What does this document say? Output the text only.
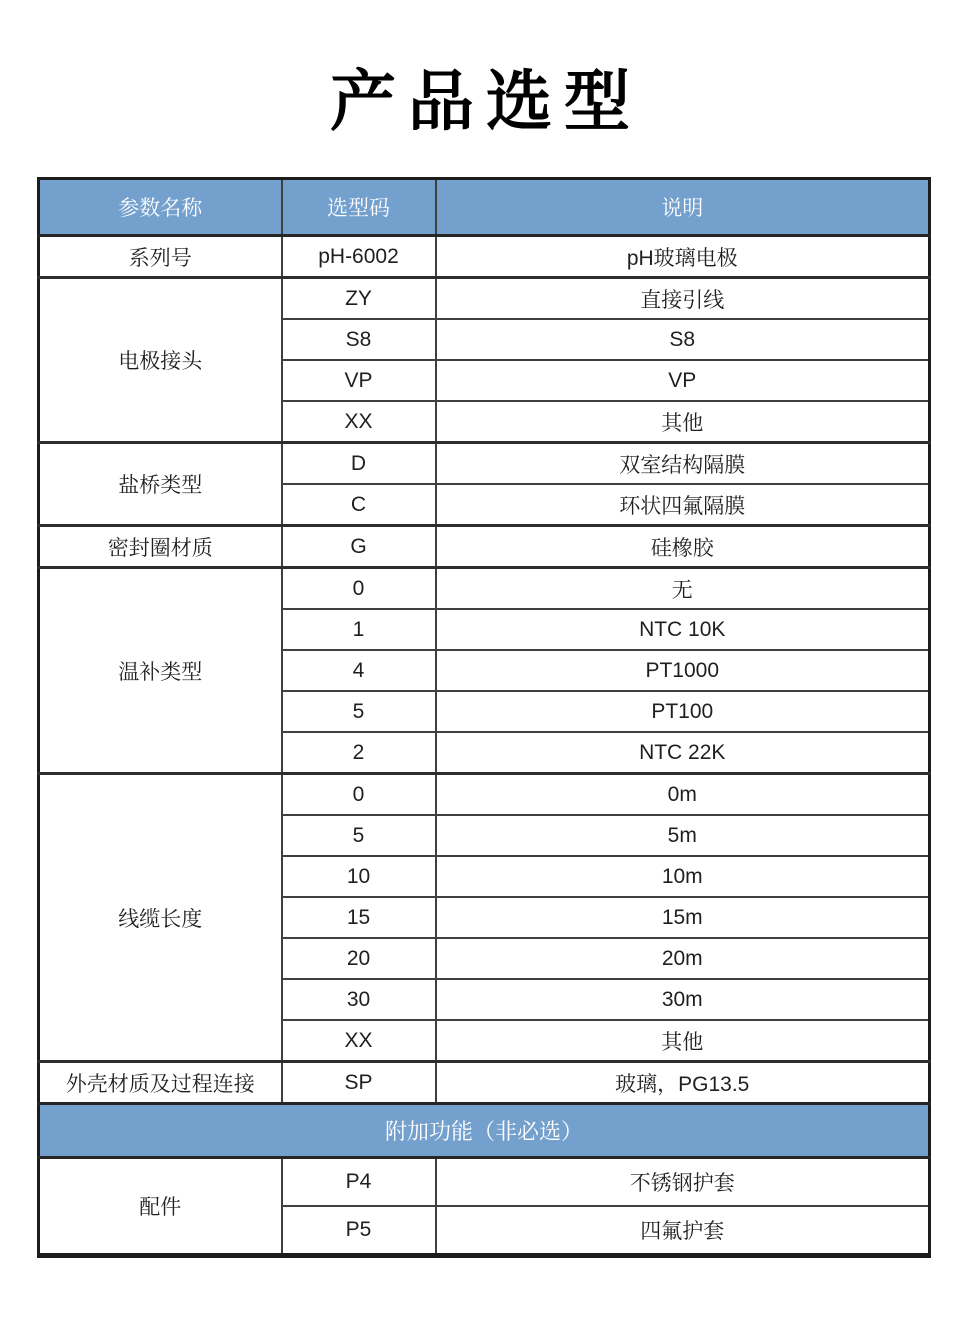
产品选型
参数名称	选型码	说明
系列号	pH-6002	pH玻璃电极
电极接头	ZY	直接引线
	S8	S8
	VP	VP
	XX	其他
盐桥类型	D	双室结构隔膜
	C	环状四氟隔膜
密封圈材质	G	硅橡胶
温补类型	0	无
	1	NTC 10K
	4	PT1000
	5	PT100
	2	NTC 22K
线缆长度	0	0m
	5	5m
	10	10m
	15	15m
	20	20m
	30	30m
	XX	其他
外壳材质及过程连接	SP	玻璃，PG13.5
附加功能（非必选）		
配件	P4	不锈钢护套
	P5	四氟护套
